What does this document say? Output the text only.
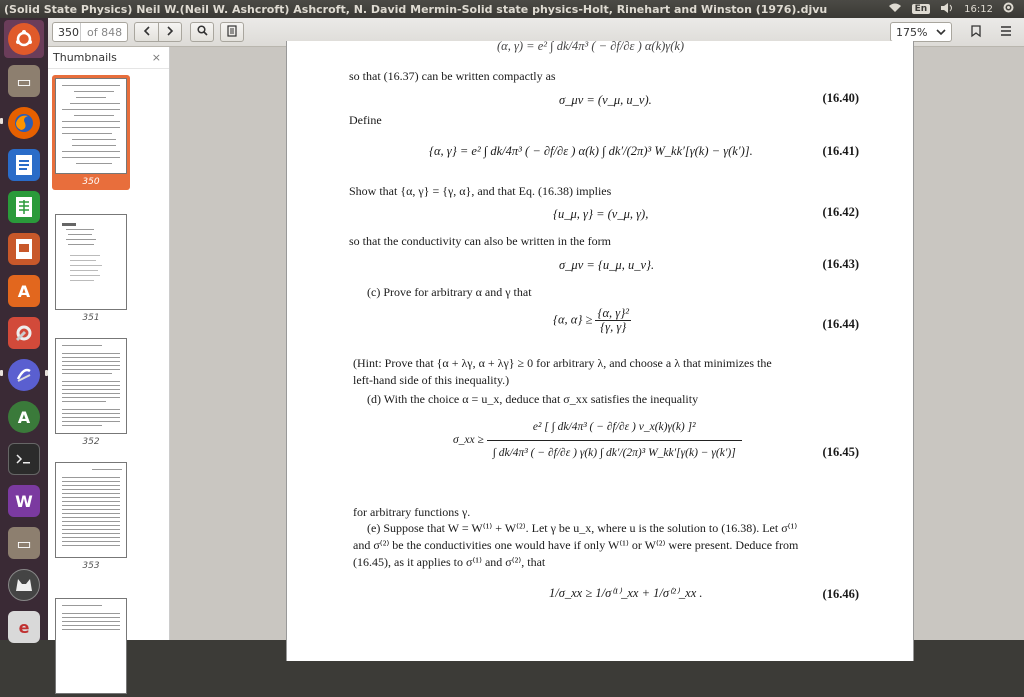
(Solid State Physics) Neil W.(Neil W. Ashcroft) Ashcroft, N. David Mermin-Solid state physics-Holt, Rinehart and Winston (1976).djvu	En	16:12
▭
A
A
W
▭
e
350 of 848	175%
Thumbnails	×
350
351
352
353
(α, γ) = e² ∫ dk/4π³ ( − ∂f/∂ε ) α(k)γ(k)
so that (16.37) can be written compactly as
σ_μν = (v_μ, u_ν).	(16.40)
Define
{α, γ} = e² ∫ dk/4π³ ( − ∂f/∂ε ) α(k) ∫ dk′/(2π)³ W_kk′[γ(k) − γ(k′)].	(16.41)
Show that {α, γ} = {γ, α}, and that Eq. (16.38) implies
{u_μ, γ} = (v_μ, γ),	(16.42)
so that the conductivity can also be written in the form
σ_μν = {u_μ, u_ν}.	(16.43)
(c) Prove for arbitrary α and γ that
{α, $\alpha\} \ge \frac{\text{\{α, γ\}²}}{\{\gamma, \gamma\}}$	(16.44)
(Hint: Prove that {α + λγ, α + λγ} ≥ 0 for arbitrary λ, and choose a λ that minimizes the
left-hand side of this inequality.)
(d) With the choice α = u_x, deduce that σ_xx satisfies the inequality
σ_xx ≥ $\frac{\text{e² [ ∫ dk/4π³ ( − ∂f/∂ε ) v\_x(k)γ(k) ]²}}{\text{∫ dk/4π³ ( − ∂f/∂ε ) γ(k) ∫ dk′/(2π)³ W\_kk′[γ(k) − γ(k′)]}}$	(16.45)
for arbitrary functions γ.
(e) Suppose that W = W⁽¹⁾ + W⁽²⁾. Let γ be u_x, where u is the solution to (16.38). Let σ⁽¹⁾
and σ⁽²⁾ be the conductivities one would have if only W⁽¹⁾ or W⁽²⁾ were present. Deduce from
(16.45), as it applies to σ⁽¹⁾ and σ⁽²⁾, that
1/σ_xx ≥ 1/σ⁽¹⁾_xx + 1/σ⁽²⁾_xx .	(16.46)
